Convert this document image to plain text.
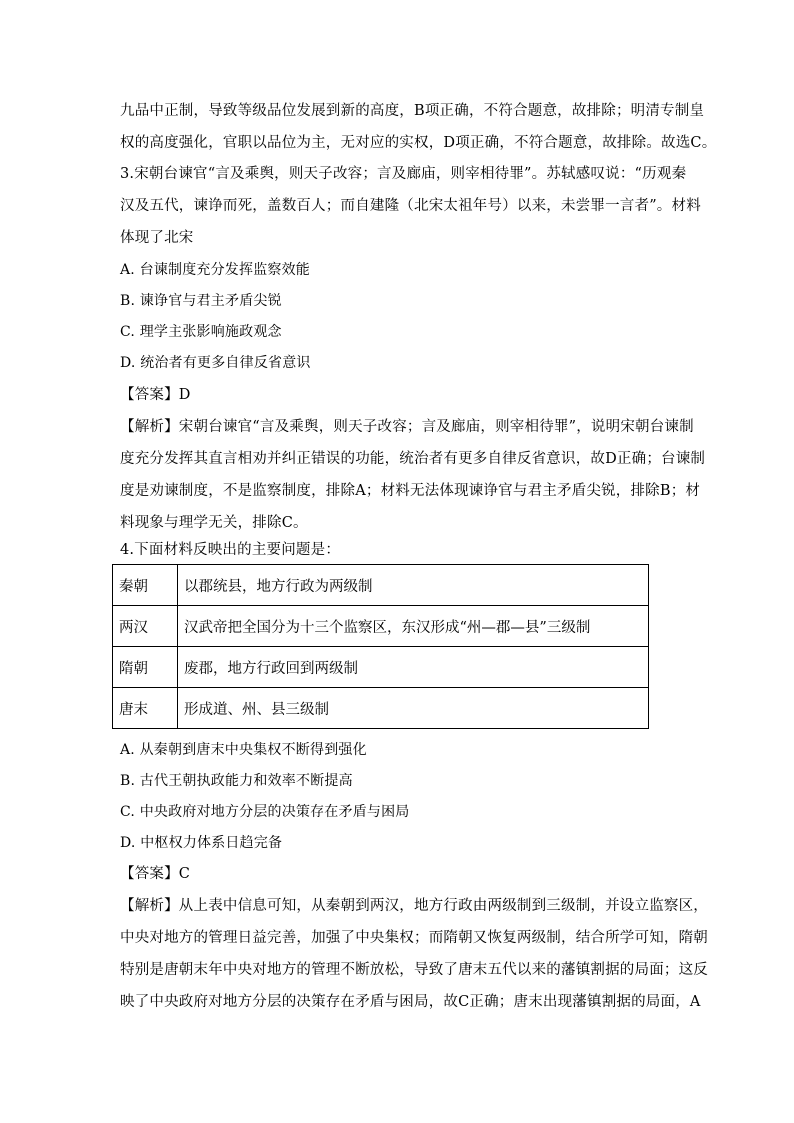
九品中正制，导致等级品位发展到新的高度，B项正确，不符合题意，故排除；明清专制皇
权的高度强化，官职以品位为主，无对应的实权，D项正确，不符合题意，故排除。故选C。
3.宋朝台谏官“言及乘舆，则天子改容；言及廊庙，则宰相待罪”。苏轼感叹说：“历观秦
汉及五代，谏诤而死，盖数百人；而自建隆（北宋太祖年号）以来，未尝罪一言者”。材料
体现了北宋
A. 台谏制度充分发挥监察效能
B. 谏诤官与君主矛盾尖锐
C. 理学主张影响施政观念
D. 统治者有更多自律反省意识
【答案】D
【解析】宋朝台谏官“言及乘舆，则天子改容；言及廊庙，则宰相待罪”，说明宋朝台谏制
度充分发挥其直言相劝并纠正错误的功能，统治者有更多自律反省意识，故D正确；台谏制
度是劝谏制度，不是监察制度，排除A；材料无法体现谏诤官与君主矛盾尖锐，排除B；材
料现象与理学无关，排除C。
4.下面材料反映出的主要问题是：
秦朝	以郡统县，地方行政为两级制
两汉	汉武帝把全国分为十三个监察区，东汉形成“州—郡—县”三级制
隋朝	废郡，地方行政回到两级制
唐末	形成道、州、县三级制
A. 从秦朝到唐末中央集权不断得到强化
B. 古代王朝执政能力和效率不断提高
C. 中央政府对地方分层的决策存在矛盾与困局
D. 中枢权力体系日趋完备
【答案】C
【解析】从上表中信息可知，从秦朝到两汉，地方行政由两级制到三级制，并设立监察区，
中央对地方的管理日益完善，加强了中央集权；而隋朝又恢复两级制，结合所学可知，隋朝
特别是唐朝末年中央对地方的管理不断放松，导致了唐末五代以来的藩镇割据的局面；这反
映了中央政府对地方分层的决策存在矛盾与困局，故C正确；唐末出现藩镇割据的局面，A
